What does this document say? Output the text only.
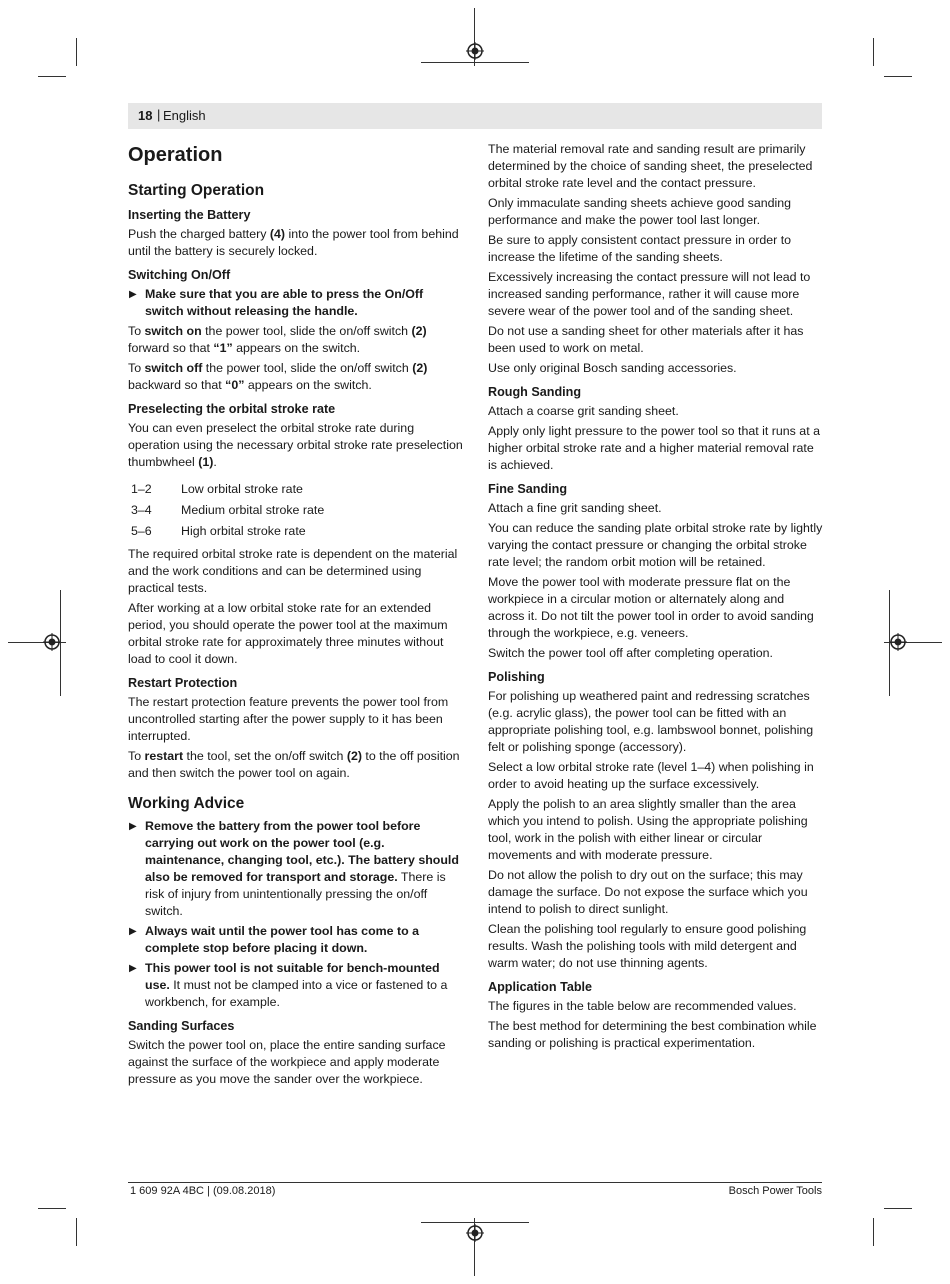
18 | English
Operation
Starting Operation
Inserting the Battery

Push the charged battery (4) into the power tool from behind until the battery is securely locked.

Switching On/Off
▶ Make sure that you are able to press the On/Off switch without releasing the handle.

To switch on the power tool, slide the on/off switch (2) forward so that “1” appears on the switch.

To switch off the power tool, slide the on/off switch (2) backward so that “0” appears on the switch.

Preselecting the orbital stroke rate

You can even preselect the orbital stroke rate during operation using the necessary orbital stroke rate preselection thumbwheel (1).

1–2	Low orbital stroke rate
3–4	Medium orbital stroke rate
5–6	High orbital stroke rate

The required orbital stroke rate is dependent on the material and the work conditions and can be determined using practical tests.

After working at a low orbital stoke rate for an extended period, you should operate the power tool at the maximum orbital stroke rate for approximately three minutes without load to cool it down.

Restart Protection

The restart protection feature prevents the power tool from uncontrolled starting after the power supply to it has been interrupted.

To restart the tool, set the on/off switch (2) to the off position and then switch the power tool on again.

Working Advice
▶ Remove the battery from the power tool before carrying out work on the power tool (e.g. maintenance, changing tool, etc.). The battery should also be removed for transport and storage. There is risk of injury from unintentionally pressing the on/off switch.
▶ Always wait until the power tool has come to a complete stop before placing it down.
▶ This power tool is not suitable for bench-mounted use. It must not be clamped into a vice or fastened to a workbench, for example.
Sanding Surfaces

Switch the power tool on, place the entire sanding surface against the surface of the workpiece and apply moderate pressure as you move the sander over the workpiece.

The material removal rate and sanding result are primarily determined by the choice of sanding sheet, the preselected orbital stroke rate level and the contact pressure.

Only immaculate sanding sheets achieve good sanding performance and make the power tool last longer.

Be sure to apply consistent contact pressure in order to increase the lifetime of the sanding sheets.

Excessively increasing the contact pressure will not lead to increased sanding performance, rather it will cause more severe wear of the power tool and of the sanding sheet.

Do not use a sanding sheet for other materials after it has been used to work on metal.

Use only original Bosch sanding accessories.

Rough Sanding

Attach a coarse grit sanding sheet.

Apply only light pressure to the power tool so that it runs at a higher orbital stroke rate and a higher material removal rate is achieved.

Fine Sanding

Attach a fine grit sanding sheet.

You can reduce the sanding plate orbital stroke rate by lightly varying the contact pressure or changing the orbital stroke rate level; the random orbit motion will be retained.

Move the power tool with moderate pressure flat on the workpiece in a circular motion or alternately along and across it. Do not tilt the power tool in order to avoid sanding through the workpiece, e.g. veneers.

Switch the power tool off after completing operation.

Polishing

For polishing up weathered paint and redressing scratches (e.g. acrylic glass), the power tool can be fitted with an appropriate polishing tool, e.g. lambswool bonnet, polishing felt or polishing sponge (accessory).

Select a low orbital stroke rate (level 1–4) when polishing in order to avoid heating up the surface excessively.

Apply the polish to an area slightly smaller than the area which you intend to polish. Using the appropriate polishing tool, work in the polish with either linear or circular movements and with moderate pressure.

Do not allow the polish to dry out on the surface; this may damage the surface. Do not expose the surface which you intend to polish to direct sunlight.

Clean the polishing tool regularly to ensure good polishing results. Wash the polishing tools with mild detergent and warm water; do not use thinning agents.

Application Table

The figures in the table below are recommended values.

The best method for determining the best combination while sanding or polishing is practical experimentation.

1 609 92A 4BC | (09.08.2018)	Bosch Power Tools
